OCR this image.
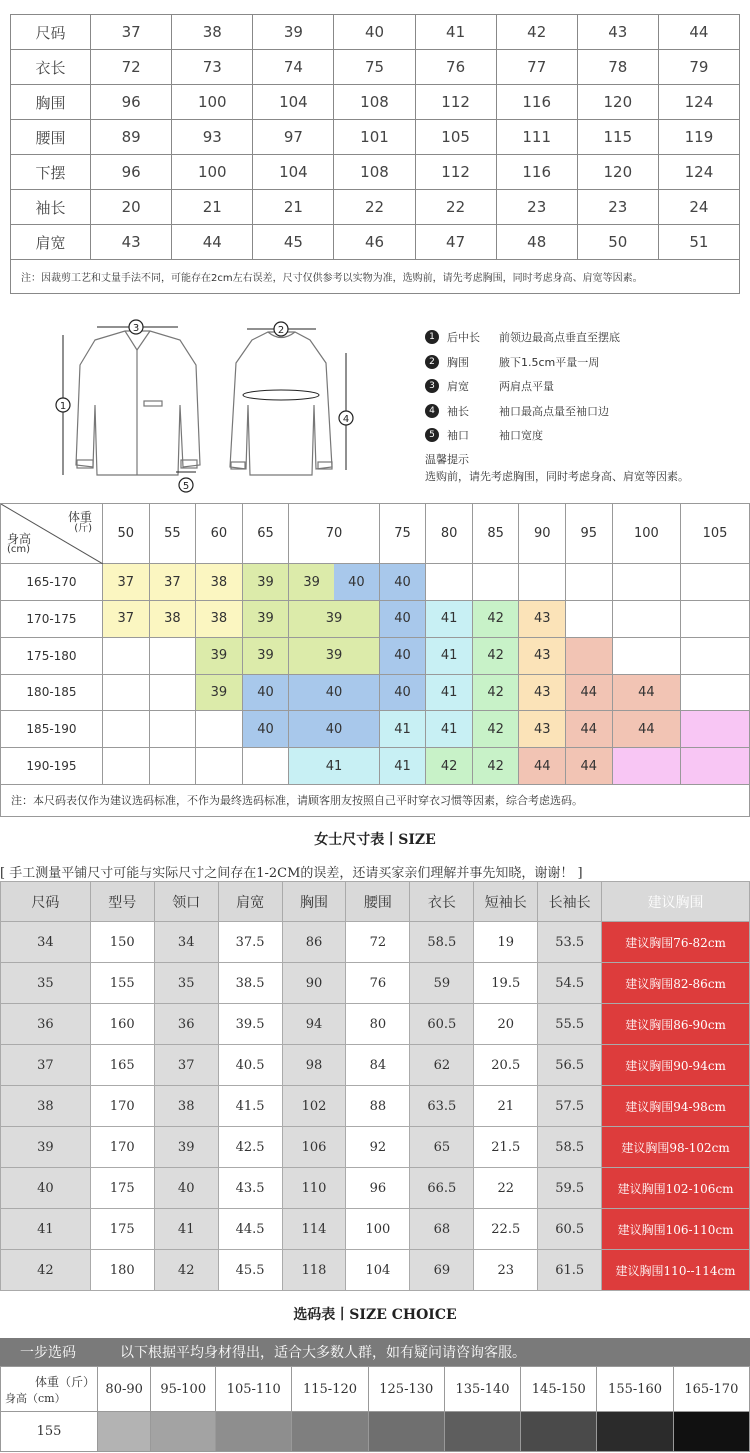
尺码	37	38	39	40	41	42	43	44
衣长	72	73	74	75	76	77	78	79
胸围	96	100	104	108	112	116	120	124
腰围	89	93	97	101	105	111	115	119
下摆	96	100	104	108	112	116	120	124
袖长	20	21	21	22	22	23	23	24
肩宽	43	44	45	46	47	48	50	51
注：因裁剪工艺和丈量手法不同，可能存在2cm左右误差，尺寸仅供参考以实物为准，选购前，请先考虑胸围，同时考虑身高、肩宽等因素。								
1
2
3
4
5
1	后中长	前领边最高点垂直至摆底
2	胸围	腋下1.5cm平量一周
3	肩宽	两肩点平量
4	袖长	袖口最高点量至袖口边
5	袖口	袖口宽度
温馨提示
选购前，请先考虑胸围，同时考虑身高、肩宽等因素。
体重
(斤)
身高
(cm)	50	55	60	65	70	75	80	85	90	95	100	105
165-170	37	37	38	39	39 40	40						
170-175	37	38	38	39	39	40	41	42	43			
175-180			39	39	39	40	41	42	43			
180-185			39	40	40	40	41	42	43	44	44	
185-190				40	40	41	41	42	43	44	44	
190-195					41	41	42	42	44	44		
注：本尺码表仅作为建议选码标准，不作为最终选码标准，请顾客朋友按照自己平时穿衣习惯等因素，综合考虑选码。												
女士尺寸表丨SIZE
[ 手工测量平铺尺寸可能与实际尺寸之间存在1-2CM的误差，还请买家亲们理解并事先知晓，谢谢！ ]
尺码	型号	领口	肩宽	胸围	腰围	衣长	短袖长	长袖长	建议胸围
34	150	34	37.5	86	72	58.5	19	53.5	建议胸围76-82cm
35	155	35	38.5	90	76	59	19.5	54.5	建议胸围82-86cm
36	160	36	39.5	94	80	60.5	20	55.5	建议胸围86-90cm
37	165	37	40.5	98	84	62	20.5	56.5	建议胸围90-94cm
38	170	38	41.5	102	88	63.5	21	57.5	建议胸围94-98cm
39	170	39	42.5	106	92	65	21.5	58.5	建议胸围98-102cm
40	175	40	43.5	110	96	66.5	22	59.5	建议胸围102-106cm
41	175	41	44.5	114	100	68	22.5	60.5	建议胸围106-110cm
42	180	42	45.5	118	104	69	23	61.5	建议胸围110--114cm
选码表丨SIZE CHOICE
一步选码	以下根据平均身材得出，适合大多数人群，如有疑问请咨询客服。
体重（斤）
身高（cm）	80-90	95-100	105-110	115-120	125-130	135-140	145-150	155-160	165-170
155									
